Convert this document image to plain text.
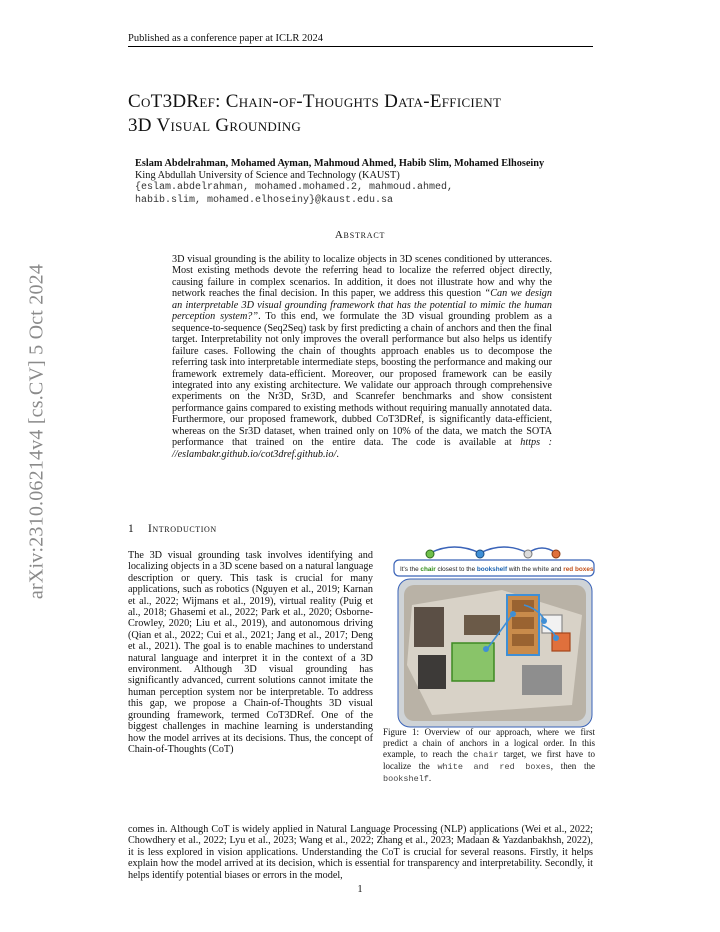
Published as a conference paper at ICLR 2024
arXiv:2310.06214v4 [cs.CV] 5 Oct 2024
CoT3DRef: Chain-of-Thoughts Data-Efficient
3D Visual Grounding
Eslam Abdelrahman, Mohamed Ayman, Mahmoud Ahmed, Habib Slim, Mohamed Elhoseiny
King Abdullah University of Science and Technology (KAUST)
{eslam.abdelrahman, mohamed.mohamed.2, mahmoud.ahmed,
habib.slim, mohamed.elhoseiny}@kaust.edu.sa
Abstract
3D visual grounding is the ability to localize objects in 3D scenes conditioned by utterances. Most existing methods devote the referring head to localize the referred object directly, causing failure in complex scenarios. In addition, it does not illustrate how and why the network reaches the final decision. In this paper, we address this question “Can we design an interpretable 3D visual grounding framework that has the potential to mimic the human perception system?”. To this end, we formulate the 3D visual grounding problem as a sequence-to-sequence (Seq2Seq) task by first predicting a chain of anchors and then the final target. Interpretability not only improves the overall performance but also helps us identify failure cases. Following the chain of thoughts approach enables us to decompose the referring task into interpretable intermediate steps, boosting the performance and making our framework extremely data-efficient. Moreover, our proposed framework can be easily integrated into any existing architecture. We validate our approach through comprehensive experiments on the Nr3D, Sr3D, and Scanrefer benchmarks and show consistent performance gains compared to existing methods without requiring manually annotated data. Furthermore, our proposed framework, dubbed CoT3DRef, is significantly data-efficient, whereas on the Sr3D dataset, when trained only on 10% of the data, we match the SOTA performance that trained on the entire data. The code is available at https : //eslambakr.github.io/cot3dref.github.io/.
1 Introduction
The 3D visual grounding task involves identifying and localizing objects in a 3D scene based on a natural language description or query. This task is crucial for many applications, such as robotics (Nguyen et al., 2019; Karnan et al., 2022; Wijmans et al., 2019), virtual reality (Puig et al., 2018; Ghasemi et al., 2022; Park et al., 2020; Osborne-Crowley, 2020; Liu et al., 2019), and autonomous driving (Qian et al., 2022; Cui et al., 2021; Jang et al., 2017; Deng et al., 2021). The goal is to enable machines to understand natural language and interpret it in the context of a 3D environment. Although 3D visual grounding has significantly advanced, current solutions cannot imitate the human perception system nor be interpretable. To address this gap, we propose a Chain-of-Thoughts 3D visual grounding framework, termed CoT3DRef. One of the biggest challenges in machine learning is understanding how the model arrives at its decisions. Thus, the concept of Chain-of-Thoughts (CoT)
It's the chair closest to the bookshelf with the white and red boxes
Figure 1: Overview of our approach, where we first predict a chain of anchors in a logical order. In this example, to reach the chair target, we first have to localize the white and red boxes, then the bookshelf.
comes in. Although CoT is widely applied in Natural Language Processing (NLP) applications (Wei et al., 2022; Chowdhery et al., 2022; Lyu et al., 2023; Wang et al., 2022; Zhang et al., 2023; Madaan & Yazdanbakhsh, 2022), it is less explored in vision applications. Understanding the CoT is crucial for several reasons. Firstly, it helps explain how the model arrived at its decision, which is essential for transparency and interpretability. Secondly, it helps identify potential biases or errors in the model,
1
